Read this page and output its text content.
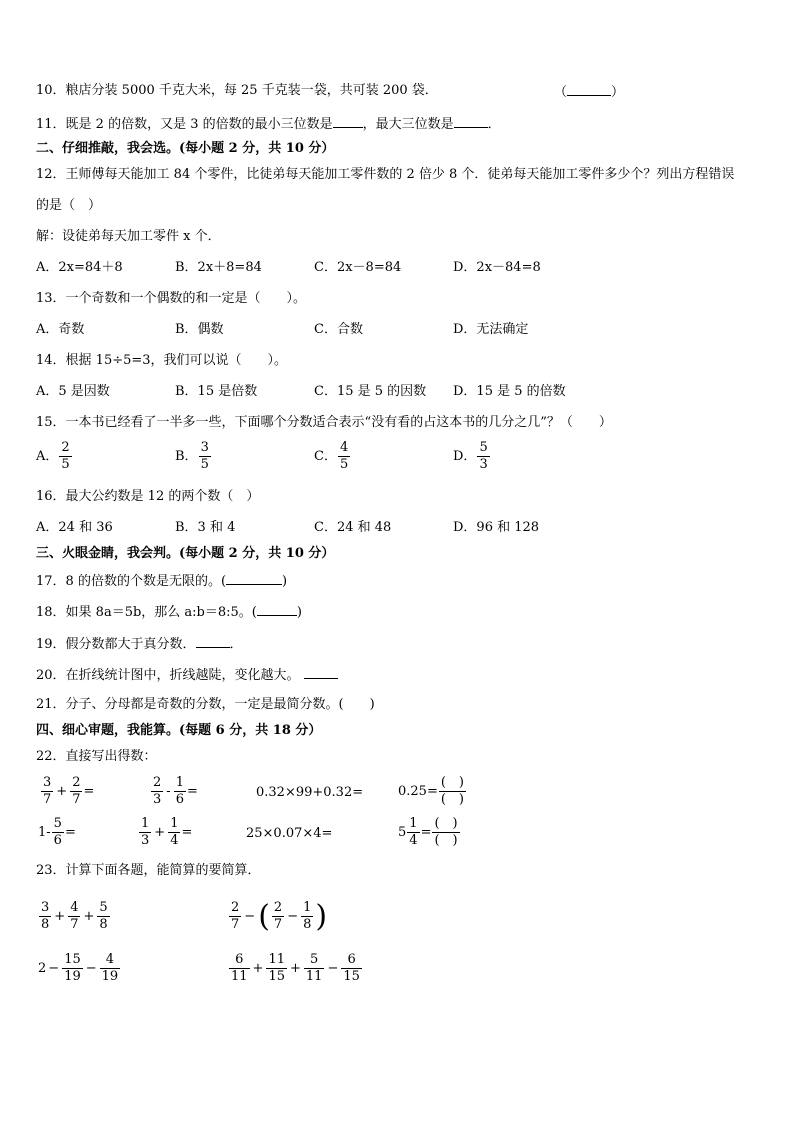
10．粮店分装 5000 千克大米，每 25 千克装一袋，共可装 200 袋．	（	）
11．既是 2 的倍数，又是 3 的倍数的最小三位数是 ，最大三位数是	．
二、仔细推敲，我会选。(每小题 2 分，共 10 分）
12．王师傅每天能加工 84 个零件，比徒弟每天能加工零件数的 2 倍少 8 个．徒弟每天能加工零件多少个？列出方程错误
的是（　）
解：设徒弟每天加工零件 x 个．
A．2x=84＋8	B．2x＋8=84	C．2x－8=84	D．2x－84=8
13．一个奇数和一个偶数的和一定是（　　）。
A．奇数	B．偶数	C．合数	D．无法确定
14．根据 15÷5=3，我们可以说（　　）。
A．5 是因数	B．15 是倍数	C．15 是 5 的因数 D．15 是 5 的倍数
15．一本书已经看了一半多一些，下面哪个分数适合表示“没有看的占这本书的几分之几”？（　　）
A． $\frac{2}{5}$	B． $\frac{3}{5}$	C． $\frac{4}{5}$	D． $\frac{5}{3}$
16．最大公约数是 12 的两个数（　）
A．24 和 36	B．3 和 4	C．24 和 48	D．96 和 128
三、火眼金睛，我会判。(每小题 2 分，共 10 分）
17．8 的倍数的个数是无限的。(	)
18．如果 8a＝5b，那么 a:b＝8:5。(	)
19．假分数都大于真分数．	．
20．在折线统计图中，折线越陡，变化越大。
21．分子、分母都是奇数的分数，一定是最简分数。(　　)
四、细心审题，我能算。(每题 6 分，共 18 分）
22．直接写出得数：
$\frac{3}{7} + \frac{2}{7}$ =	$\frac{2}{3} - \frac{1}{6}$ =	0.32×99+0.32=	$0.25= \frac{( )}{( )}$
$1- \frac{5}{6}$ =	$\frac{1}{3} + \frac{1}{4}$ =	25×0.07×4=	$5 \frac{1}{4} = \frac{( )}{( )}$
23．计算下面各题，能简算的要简算．
$\frac{3}{8} + \frac{4}{7} + \frac{5}{8}$	$\frac{2}{7}$ − ( $\frac{2}{7} - \frac{1}{8}$ )
$2 - \frac{15}{19} - \frac{4}{19}$	$\frac{6}{11} + \frac{11}{15} + \frac{5}{11} - \frac{6}{15}$
